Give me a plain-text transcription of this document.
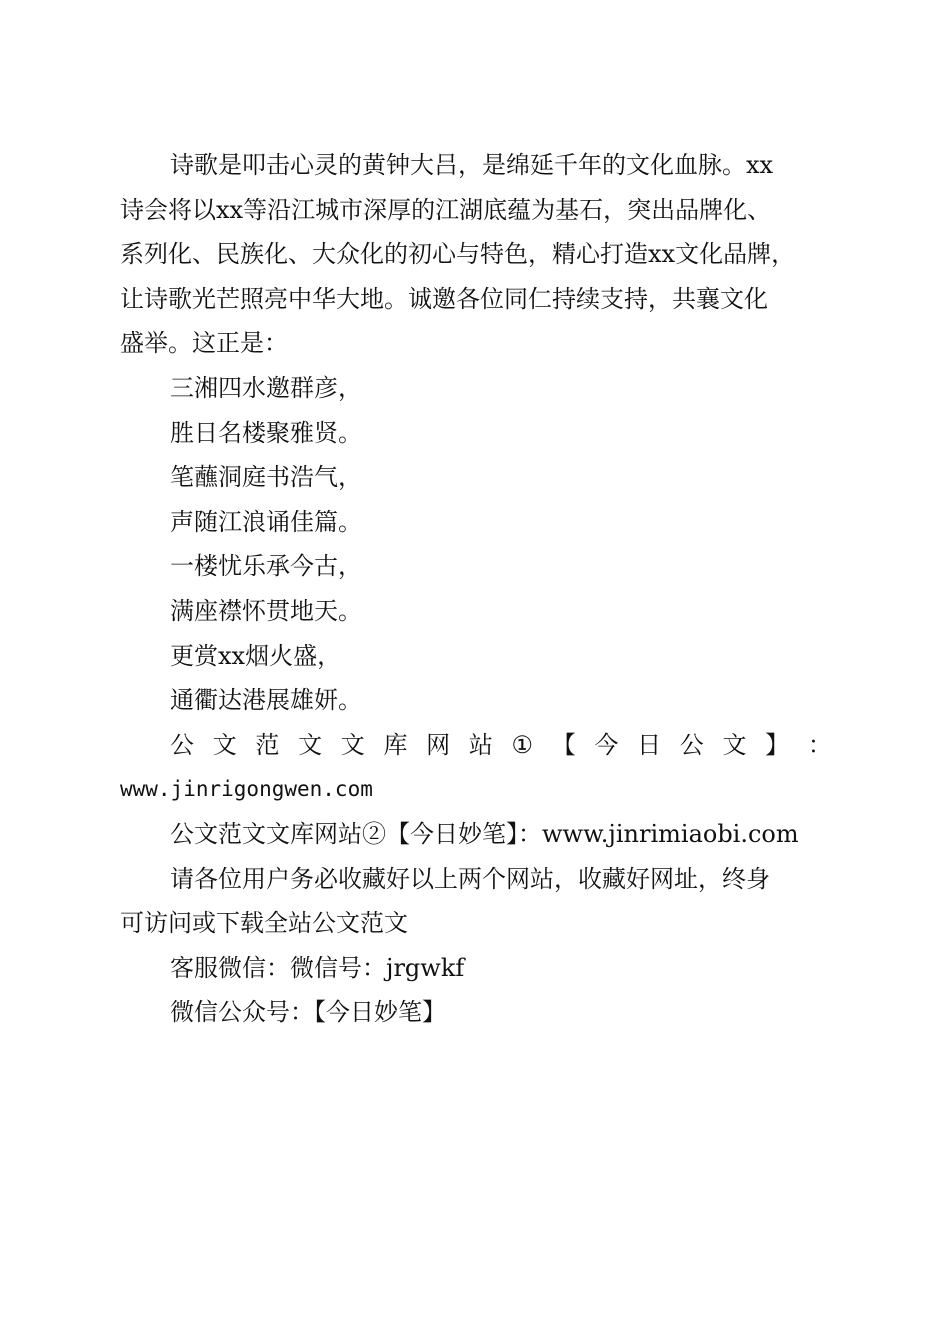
诗歌是叩击心灵的黄钟大吕，是绵延千年的文化血脉。xx
诗会将以xx等沿江城市深厚的江湖底蕴为基石，突出品牌化、
系列化、民族化、大众化的初心与特色，精心打造xx文化品牌，
让诗歌光芒照亮中华大地。诚邀各位同仁持续支持，共襄文化
盛举。这正是：
三湘四水邀群彦，
胜日名楼聚雅贤。
笔蘸洞庭书浩气，
声随江浪诵佳篇。
一楼忧乐承今古，
满座襟怀贯地天。
更赏xx烟火盛，
通衢达港展雄妍。
公 文 范 文 文 库 网 站 ① 【 今 日 公 文 】 ：
www.jinrigongwen.com
公文范文文库网站②【今日妙笔】：www.jinrimiaobi.com
请各位用户务必收藏好以上两个网站，收藏好网址，终身
可访问或下载全站公文范文
客服微信：微信号：jrgwkf
微信公众号：【今日妙笔】
